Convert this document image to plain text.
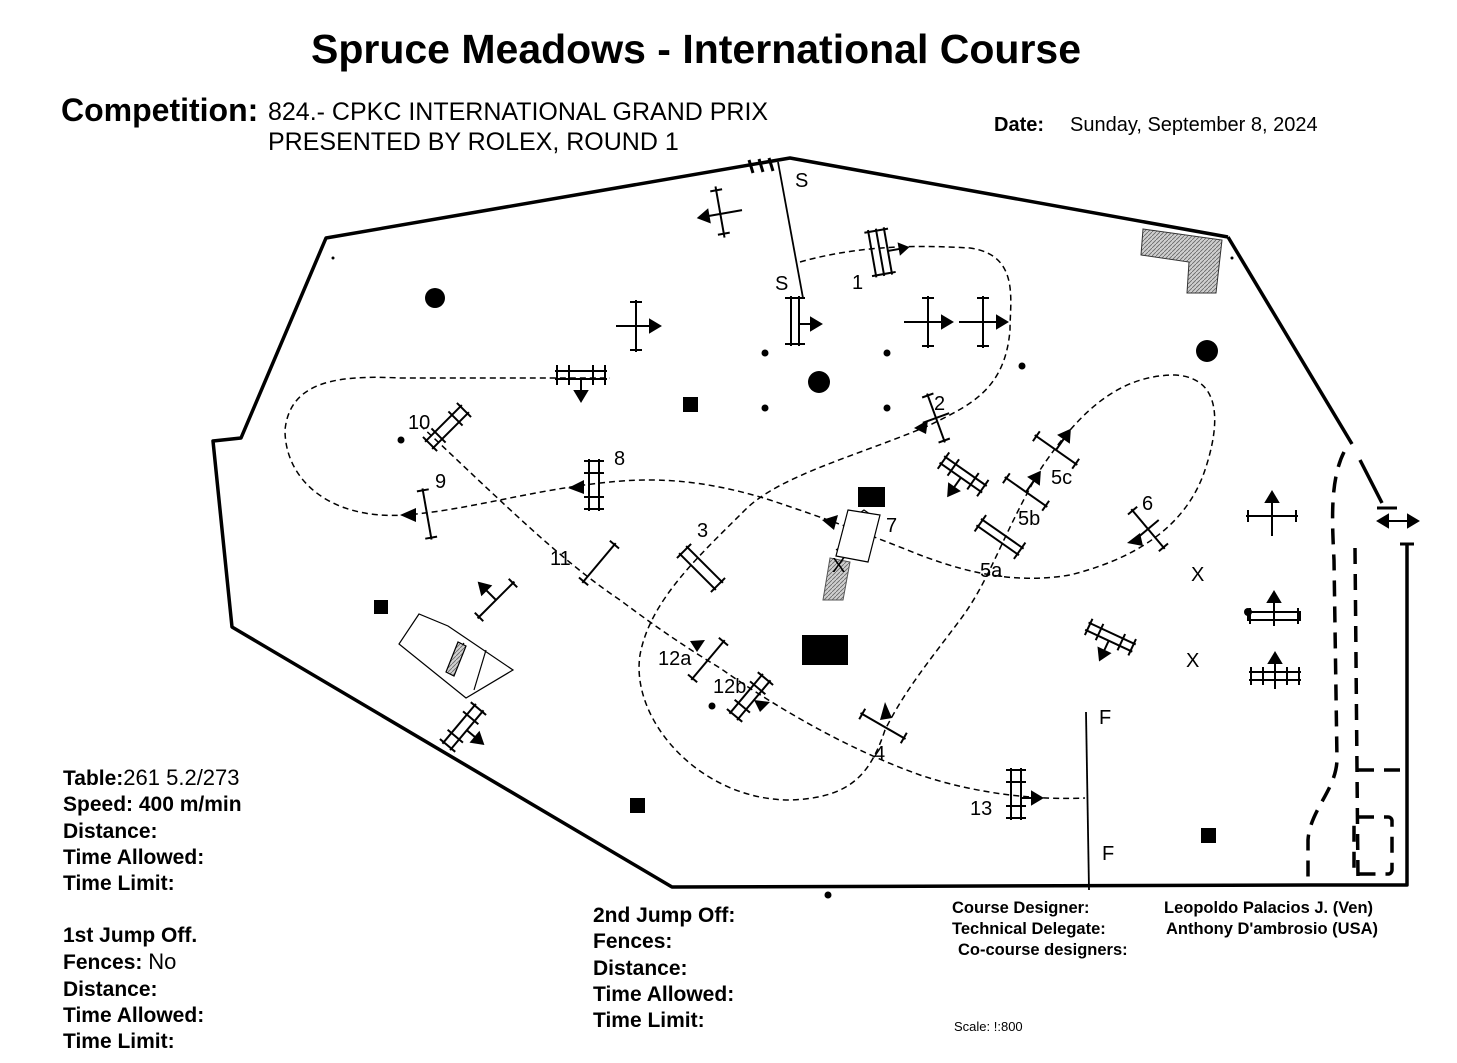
Spruce Meadows - International Course
Competition: 824.- CPKC INTERNATIONAL GRAND PRIX
PRESENTED BY ROLEX, ROUND 1
Date: Sunday, September 8, 2024
S
S
F
F
1
2
3
4
5a
5b
5c
6
7
8
9
10
11
12a
12b
13
X	X
X
Table:261 5.2/273
Speed: 400 m/min
Distance:
Time Allowed:
Time Limit:
1st Jump Off.
Fences: No
Distance:
Time Allowed:
Time Limit:
2nd Jump Off:
Fences:
Distance:
Time Allowed:
Time Limit:
Course Designer:
Technical Delegate:
Co-course designers:
Leopoldo Palacios J. (Ven)
Anthony D'ambrosio (USA)
Scale: !:800
